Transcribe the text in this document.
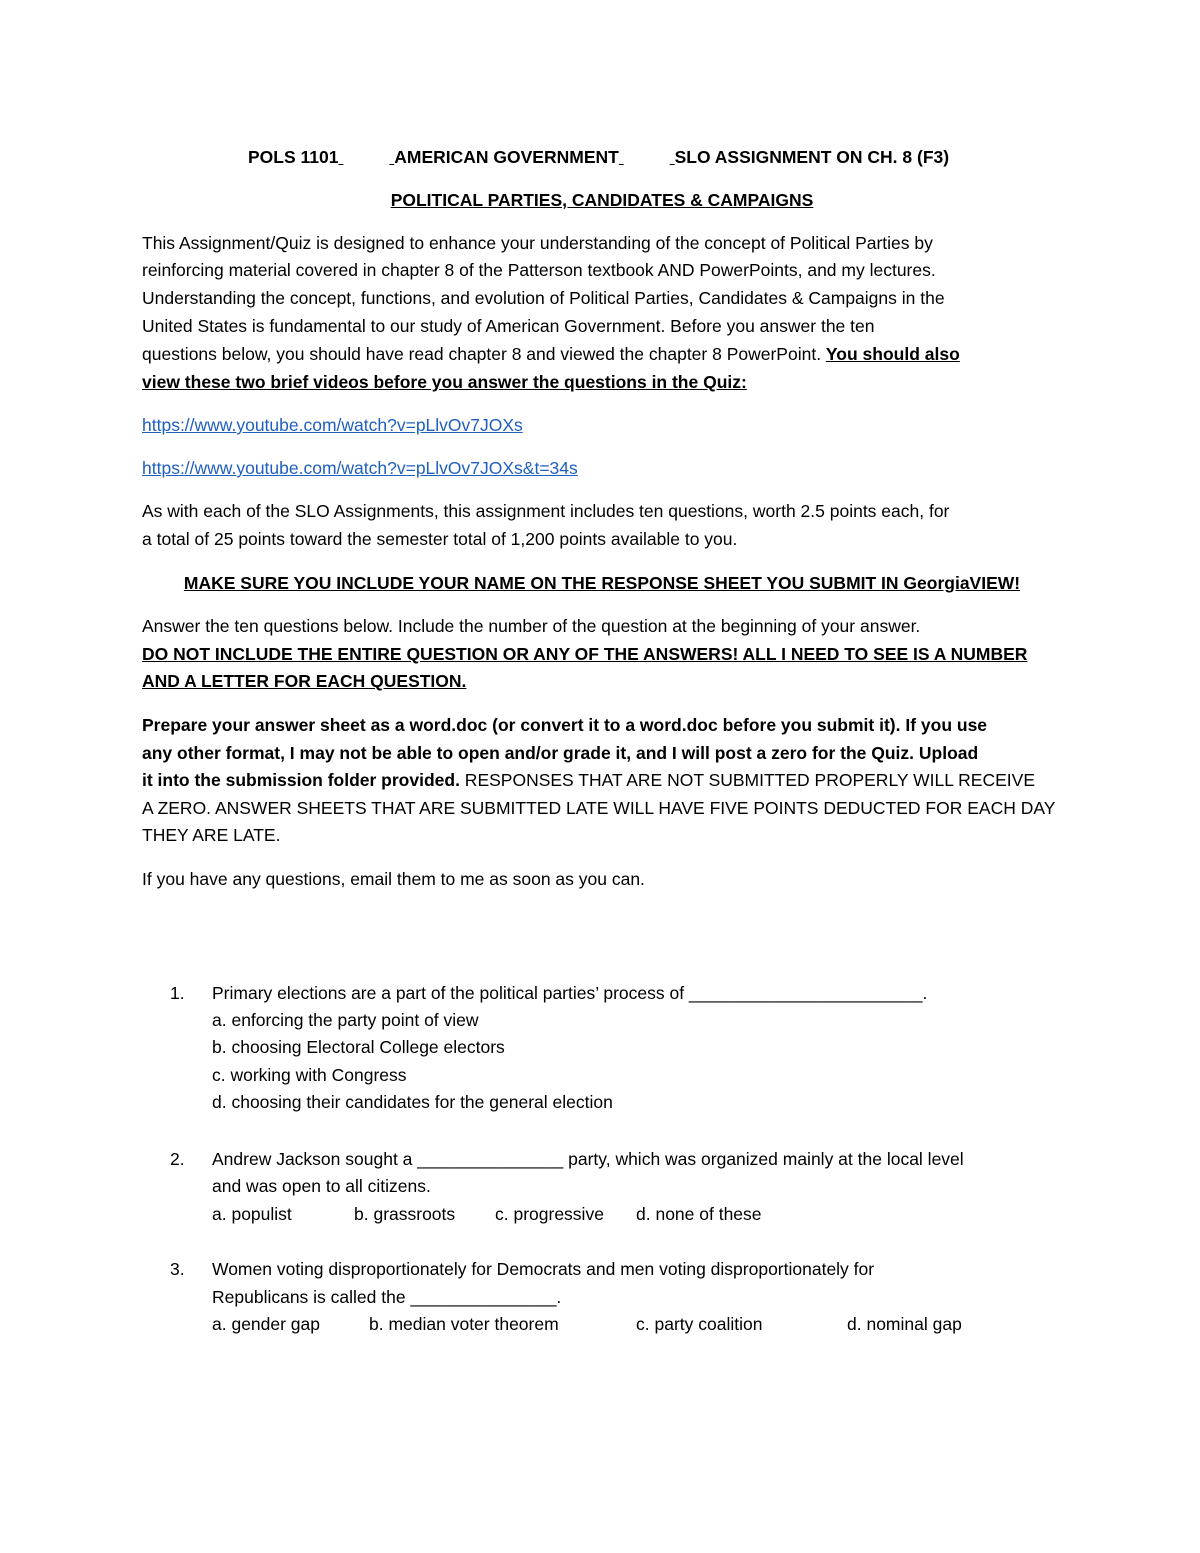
POLS 1101	AMERICAN GOVERNMENT	SLO ASSIGNMENT ON CH. 8 (F3)
POLITICAL PARTIES, CANDIDATES & CAMPAIGNS
This Assignment/Quiz is designed to enhance your understanding of the concept of Political Parties by
reinforcing material covered in chapter 8 of the Patterson textbook AND PowerPoints, and my lectures.
Understanding the concept, functions, and evolution of Political Parties, Candidates & Campaigns in the
United States is fundamental to our study of American Government. Before you answer the ten
questions below, you should have read chapter 8 and viewed the chapter 8 PowerPoint. You should also
view these two brief videos before you answer the questions in the Quiz:
https://www.youtube.com/watch?v=pLlvOv7JOXs
https://www.youtube.com/watch?v=pLlvOv7JOXs&t=34s
As with each of the SLO Assignments, this assignment includes ten questions, worth 2.5 points each, for
a total of 25 points toward the semester total of 1,200 points available to you.
MAKE SURE YOU INCLUDE YOUR NAME ON THE RESPONSE SHEET YOU SUBMIT IN GeorgiaVIEW!
Answer the ten questions below. Include the number of the question at the beginning of your answer.
DO NOT INCLUDE THE ENTIRE QUESTION OR ANY OF THE ANSWERS! ALL I NEED TO SEE IS A NUMBER
AND A LETTER FOR EACH QUESTION.
Prepare your answer sheet as a word.doc (or convert it to a word.doc before you submit it). If you use
any other format, I may not be able to open and/or grade it, and I will post a zero for the Quiz. Upload
it into the submission folder provided. RESPONSES THAT ARE NOT SUBMITTED PROPERLY WILL RECEIVE
A ZERO. ANSWER SHEETS THAT ARE SUBMITTED LATE WILL HAVE FIVE POINTS DEDUCTED FOR EACH DAY
THEY ARE LATE.
If you have any questions, email them to me as soon as you can.
1. Primary elections are a part of the political parties’ process of ________________________.
a. enforcing the party point of view
b. choosing Electoral College electors
c. working with Congress
d. choosing their candidates for the general election
2. Andrew Jackson sought a _______________ party, which was organized mainly at the local level
and was open to all citizens.
a. populist	b. grassroots c. progressive d. none of these
3. Women voting disproportionately for Democrats and men voting disproportionately for
Republicans is called the _______________.
a. gender gap	b. median voter theorem	c. party coalition	d. nominal gap
